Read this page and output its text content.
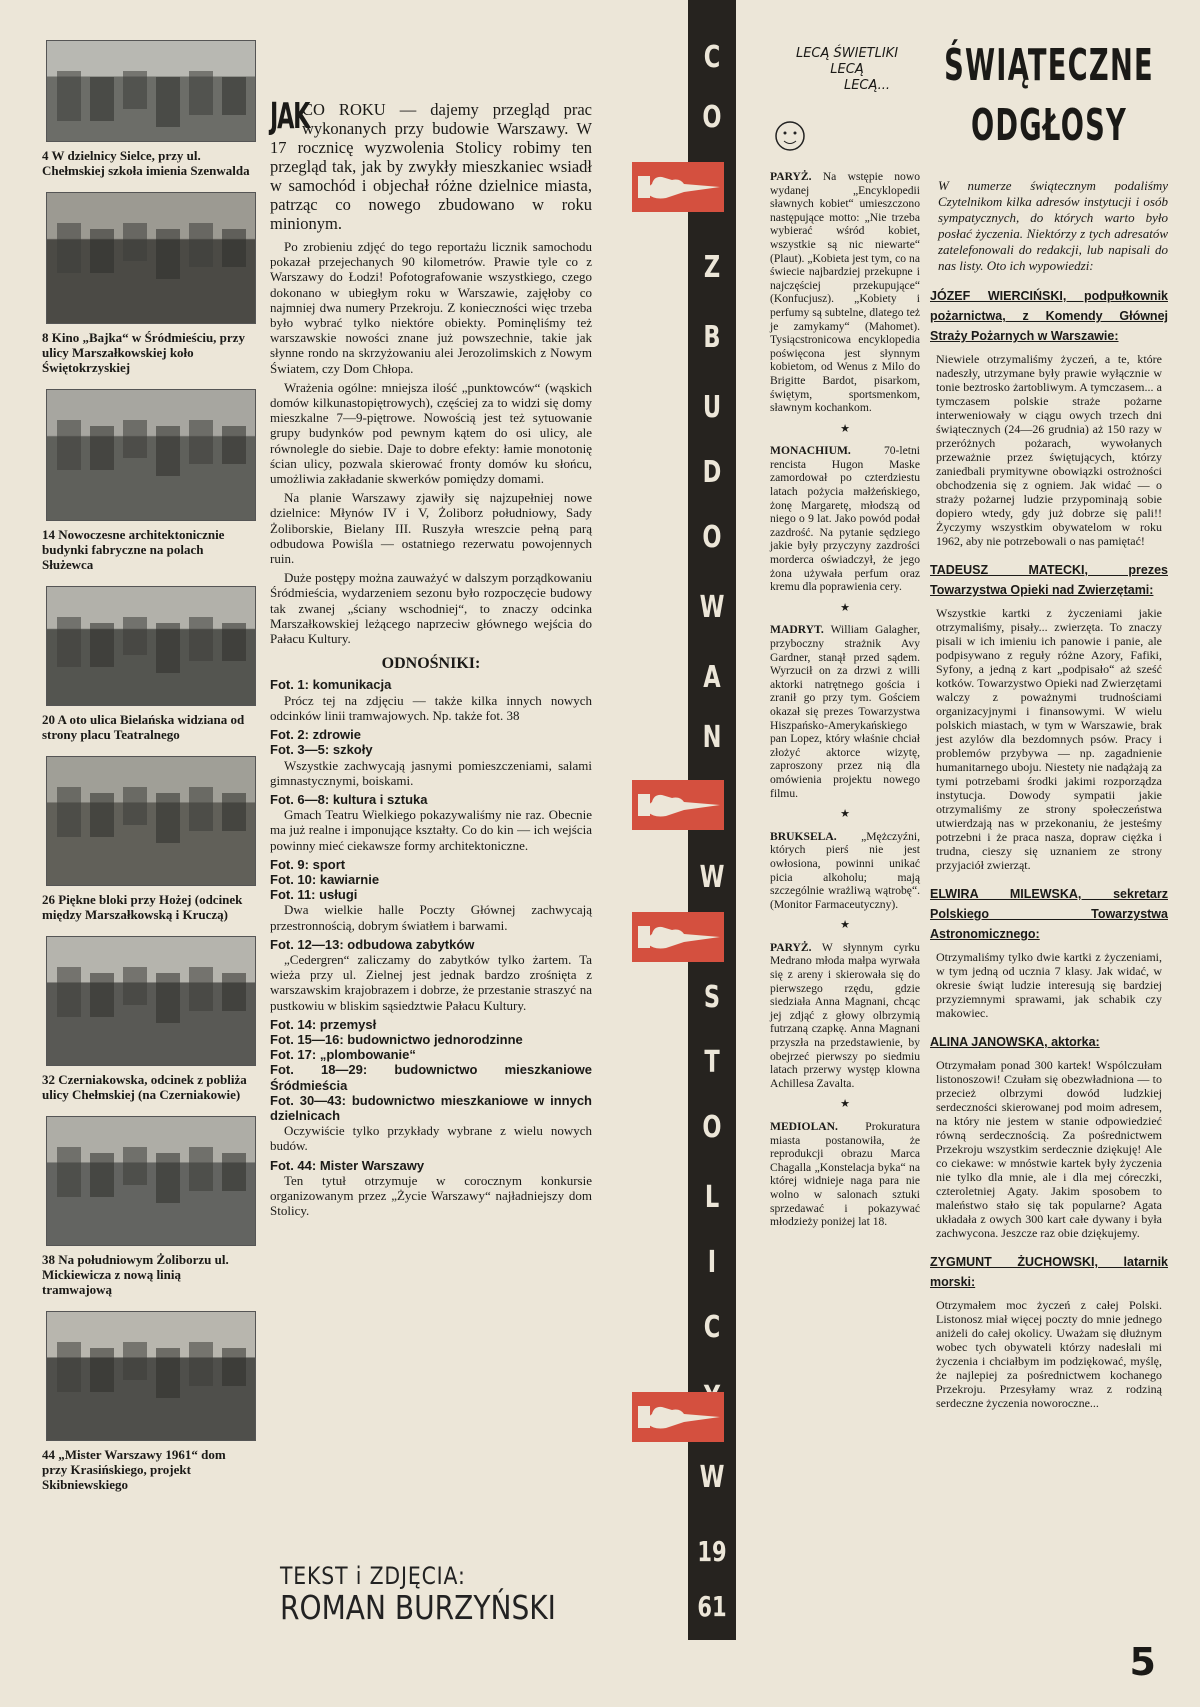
4 W dzielnicy Sielce, przy ul. Chełmskiej szkoła imienia Szenwalda
8 Kino „Bajka“ w Śródmieściu, przy ulicy Marszałkowskiej koło Świętokrzyskiej
14 Nowoczesne architektonicznie budynki fabryczne na polach Służewca
20 A oto ulica Bielańska widziana od strony placu Teatralnego
26 Piękne bloki przy Hożej (odcinek między Marszałkowską i Kruczą)
32 Czerniakowska, odcinek z pobliża ulicy Chełmskiej (na Czerniakowie)
38 Na południowym Żoliborzu ul. Mickiewicza z nową linią tramwajową
44 „Mister Warszawy 1961“ dom przy Krasińskiego, projekt Skibniewskiego
JAK
CO ROKU — dajemy przegląd prac wykonanych przy budowie Warszawy. W 17 rocznicę wyzwolenia Stolicy robimy ten przegląd tak, jak by zwykły mieszkaniec wsiadł w samochód i objechał różne dzielnice miasta, patrząc co nowego zbudowano w roku minionym.

Po zrobieniu zdjęć do tego reportażu licznik samochodu pokazał przejechanych 90 kilometrów. Prawie tyle co z Warszawy do Łodzi! Pofotografowanie wszystkiego, czego dokonano w ubiegłym roku w Warszawie, zajęłoby co najmniej dwa numery Przekroju. Z konieczności więc trzeba było wybrać tylko niektóre obiekty. Pominęliśmy też warszawskie nowości znane już powszechnie, takie jak słynne rondo na skrzyżowaniu alei Jerozolimskich z Nowym Światem, czy Dom Chłopa.

Wrażenia ogólne: mniejsza ilość „punktowców“ (wąskich domów kilkunastopiętrowych), częściej za to widzi się domy mieszkalne 7—9-piętrowe. Nowością jest też sytuowanie grupy budynków pod pewnym kątem do osi ulicy, ale równolegle do siebie. Daje to dobre efekty: łamie monotonię ścian ulicy, pozwala skierować fronty domów ku słońcu, umożliwia zakładanie skwerków pomiędzy domami.

Na planie Warszawy zjawiły się najzupełniej nowe dzielnice: Młynów IV i V, Żoliborz południowy, Sady Żoliborskie, Bielany III. Ruszyła wreszcie pełną parą odbudowa Powiśla — ostatniego rezerwatu powojennych ruin.

Duże postępy można zauważyć w dalszym porządkowaniu Śródmieścia, wydarzeniem sezonu było rozpoczęcie budowy tak zwanej „ściany wschodniej“, to znaczy odcinka Marszałkowskiej leżącego naprzeciw głównego wejścia do Pałacu Kultury.

ODNOŚNIKI:
Fot. 1: komunikacja

Prócz tej na zdjęciu — także kilka innych nowych odcinków linii tramwajowych. Np. także fot. 38

Fot. 2: zdrowie
Fot. 3—5: szkoły

Wszystkie zachwycają jasnymi pomieszczeniami, salami gimnastycznymi, boiskami.

Fot. 6—8: kultura i sztuka

Gmach Teatru Wielkiego pokazywaliśmy nie raz. Obecnie ma już realne i imponujące kształty. Co do kin — ich wejścia powinny mieć ciekawsze formy architektoniczne.

Fot. 9: sport
Fot. 10: kawiarnie
Fot. 11: usługi

Dwa wielkie halle Poczty Głównej zachwycają przestronnością, dobrym światłem i barwami.

Fot. 12—13: odbudowa zabytków

„Cedergren“ zaliczamy do zabytków tylko żartem. Ta wieża przy ul. Zielnej jest jednak bardzo zrośnięta z warszawskim krajobrazem i dobrze, że przestanie straszyć na pustkowiu w bliskim sąsiedztwie Pałacu Kultury.

Fot. 14: przemysł
Fot. 15—16: budownictwo jednorodzinne
Fot. 17: „plombowanie“
Fot. 18—29: budownictwo mieszkaniowe Śródmieścia
Fot. 30—43: budownictwo mieszkaniowe w innych dzielnicach

Oczywiście tylko przykłady wybrane z wielu nowych budów.

Fot. 44: Mister Warszawy

Ten tytuł otrzymuje w corocznym konkursie organizowanym przez „Życie Warszawy“ najładniejszy dom Stolicy.

TEKST i ZDJĘCIA:
ROMAN BURZYŃSKI
C
O
Z
B
U
D
O
W
A
N
W
S
T
O
L
I
C
W
19
61
LECĄ ŚWIETLIKI
LECĄ
LECĄ...

PARYŻ. Na wstępie nowo wydanej „Encyklopedii sławnych kobiet“ umieszczono następujące motto: „Nie trzeba wybierać wśród kobiet, wszystkie są nic niewarte“ (Plaut). „Kobieta jest tym, co na świecie najbardziej przekupne i najczęściej przekupujące“ (Konfucjusz). „Kobiety i perfumy są subtelne, dlatego też je zamykamy“ (Mahomet). Tysiącstronicowa encyklopedia poświęcona jest słynnym kobietom, od Wenus z Milo do Brigitte Bardot, pisarkom, świętym, sportsmenkom, sławnym kochankom.

★

MONACHIUM.	70-letni rencista Hugon Maske zamordował po czterdziestu latach pożycia małżeńskiego, żonę Margaretę, młodszą od niego o 9 lat. Jako powód podał zazdrość. Na pytanie sędziego jakie były przyczyny zazdrości morderca oświadczył, że jego żona używała perfum oraz kremu dla poprawienia cery.

★

MADRYT. William Galagher, przyboczny strażnik Avy Gardner, stanął przed sądem. Wyrzucił on za drzwi z willi aktorki natrętnego gościa i zranił go przy tym. Gościem okazał się prezes Towarzystwa Hiszpańsko-Amerykańskiego pan Lopez, który właśnie chciał złożyć aktorce wizytę, zaproszony przez nią dla omówienia projektu nowego filmu.

★

BRUKSELA. „Mężczyźni, których pierś nie jest owłosiona, powinni unikać picia alkoholu; mają szczególnie wrażliwą wątrobę“. (Monitor Farmaceutyczny).

★

PARYŻ. W słynnym cyrku Medrano młoda małpa wyrwała się z areny i skierowała się do pierwszego rzędu, gdzie siedziała Anna Magnani, chcąc jej zdjąć z głowy olbrzymią futrzaną czapkę. Anna Magnani przyszła na przedstawienie, by obejrzeć pierwszy po siedmiu latach przerwy występ klowna Achillesa Zavalta.

★

MEDIOLAN. Prokuratura miasta postanowiła, że reprodukcji obrazu Marca Chagalla „Konstelacja byka“ na której widnieje naga para nie wolno w salonach sztuki sprzedawać i pokazywać młodzieży poniżej lat 18.

ŚWIĄTECZNE
ODGŁOSY
W numerze świątecznym podaliśmy Czytelnikom kilka adresów instytucji i osób sympatycznych, do których warto było posłać życzenia. Niektórzy z tych adresatów zatelefonowali do redakcji, lub napisali do nas listy. Oto ich wypowiedzi:
JÓZEF WIERCIŃSKI, podpułkownik pożarnictwa, z Komendy Głównej Straży Pożarnych w Warszawie:
Niewiele otrzymaliśmy życzeń, a te, które nadeszły, utrzymane były prawie wyłącznie w tonie beztrosko żartobliwym. A tymczasem... a tymczasem polskie straże pożarne interweniowały w ciągu owych trzech dni świątecznych (24—26 grudnia) aż 150 razy w przeróżnych pożarach, wywołanych przeważnie przez świętujących, którzy zaniedbali prymitywne obowiązki ostrożności obchodzenia się z ogniem. Jak widać — o straży pożarnej ludzie przypominają sobie dopiero wtedy, gdy już dobrze się pali!! Życzymy wszystkim obywatelom w roku 1962, aby nie potrzebowali o nas pamiętać!
TADEUSZ MATECKI, prezes Towarzystwa Opieki nad Zwierzętami:
Wszystkie kartki z życzeniami jakie otrzymaliśmy, pisały... zwierzęta. To znaczy pisali w ich imieniu ich panowie i panie, ale podpisywano z reguły różne Azory, Fafiki, Syfony, a jedną z kart „podpisało“ aż sześć kotków. Towarzystwo Opieki nad Zwierzętami walczy z poważnymi trudnościami organizacyjnymi i finansowymi. W wielu polskich miastach, w tym w Warszawie, brak jest azylów dla bezdomnych psów. Pracy i problemów przybywa — np. zagadnienie humanitarnego uboju. Niestety nie nadążają za tymi potrzebami środki jakimi rozporządza instytucja. Dowody sympatii jakie otrzymaliśmy ze strony społeczeństwa utwierdzają nas w przekonaniu, że jesteśmy potrzebni i że praca nasza, dopraw ciężka i trudna, cieszy się uznaniem ze strony przyjaciół zwierząt.
ELWIRA MILEWSKA, sekretarz Polskiego Towarzystwa Astronomicznego:
Otrzymaliśmy tylko dwie kartki z życzeniami, w tym jedną od ucznia 7 klasy. Jak widać, w okresie świąt ludzie interesują się bardziej przyziemnymi sprawami, jak schabik czy makowiec.
ALINA JANOWSKA, aktorka:
Otrzymałam ponad 300 kartek! Wspólczułam listonoszowi! Czułam się obezwładniona — to przecież olbrzymi dowód ludzkiej serdeczności skierowanej pod moim adresem, na który nie jestem w stanie odpowiedzieć równą serdecznością. Za pośrednictwem Przekroju wszystkim serdecznie dziękuję! Ale co ciekawe: w mnóstwie kartek były życzenia nie tylko dla mnie, ale i dla mej córeczki, czteroletniej Agaty. Jakim sposobem to maleństwo stało się tak popularne? Agata układała z owych 300 kart całe dywany i była zachwycona. Jeszcze raz obie dziękujemy.
ZYGMUNT ŻUCHOWSKI, latarnik morski:
Otrzymałem moc życzeń z całej Polski. Listonosz miał więcej poczty do mnie jednego aniżeli do całej okolicy. Uważam się dłużnym wobec tych obywateli którzy nadesłali mi życzenia i chciałbym im podziękować, myślę, że najlepiej za pośrednictwem kochanego Przekroju. Przesyłamy wraz z rodziną serdeczne życzenia noworoczne...
5
